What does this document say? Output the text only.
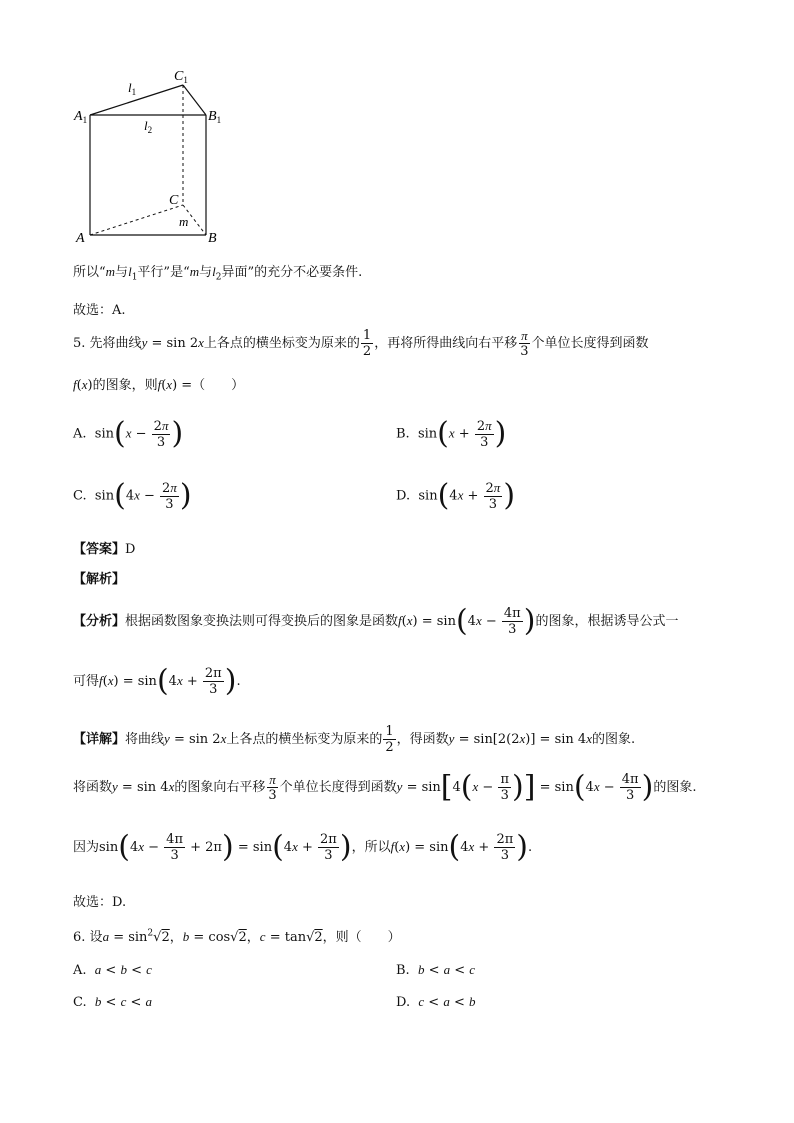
$C_1$
$A_1$	$B_1$
$l_1$
$l_2$
C
m
A	B
所以“m与$l_1$平行”是“m与$l_2$异面”的充分不必要条件.
故选：A.
5. 先将曲线y = sin 2x上各点的横坐标变为原来的 $\frac{1}{2}$ ，再将所得曲线向右平移 $\frac{\pi}{3}$ 个单位长度得到函数
f(x)的图象，则f(x) =（　　）
A.  $\sin(x - \frac{2\pi}{3}$ )	B.  $\sin(x + \frac{2\pi}{3}$ )
C.  $\sin(4x - \frac{2\pi}{3}$ )	D.  $\sin(4x + \frac{2\pi}{3}$ )
【答案】D
【解析】
【分析】根据函数图象变换法则可得变换后的图象是函数$f(x) = \sin(4x - \frac{4\pi}{3}$ )的图象，根据诱导公式一
可得$f(x) = \sin(4x + \frac{2\pi}{3}$ ).
【详解】将曲线y = sin 2x上各点的横坐标变为原来的 $\frac{1}{2}$ ，得函数y = sin[2(2x)] = sin 4x的图象.
将函数y = sin 4x的图象向右平移 $\frac{\pi}{3}$ 个单位长度得到函数$y = \sin[4(x - \frac{\pi}{3}$ )] = $\sin(4x - \frac{4\pi}{3}$ )的图象.
因为$\sin(4x - \frac{4\pi}{3} + 2\pi) = \sin(4x + \frac{2\pi}{3}$ )，所以$f(x) = \sin(4x + \frac{2\pi}{3}$ ).
故选：D.
6. 设$a = \sin^2√2$，b = cos√2，c = tan√2，则（　　）
A. a < b < c	B. b < a < c
C. b < c < a	D. c < a < b
